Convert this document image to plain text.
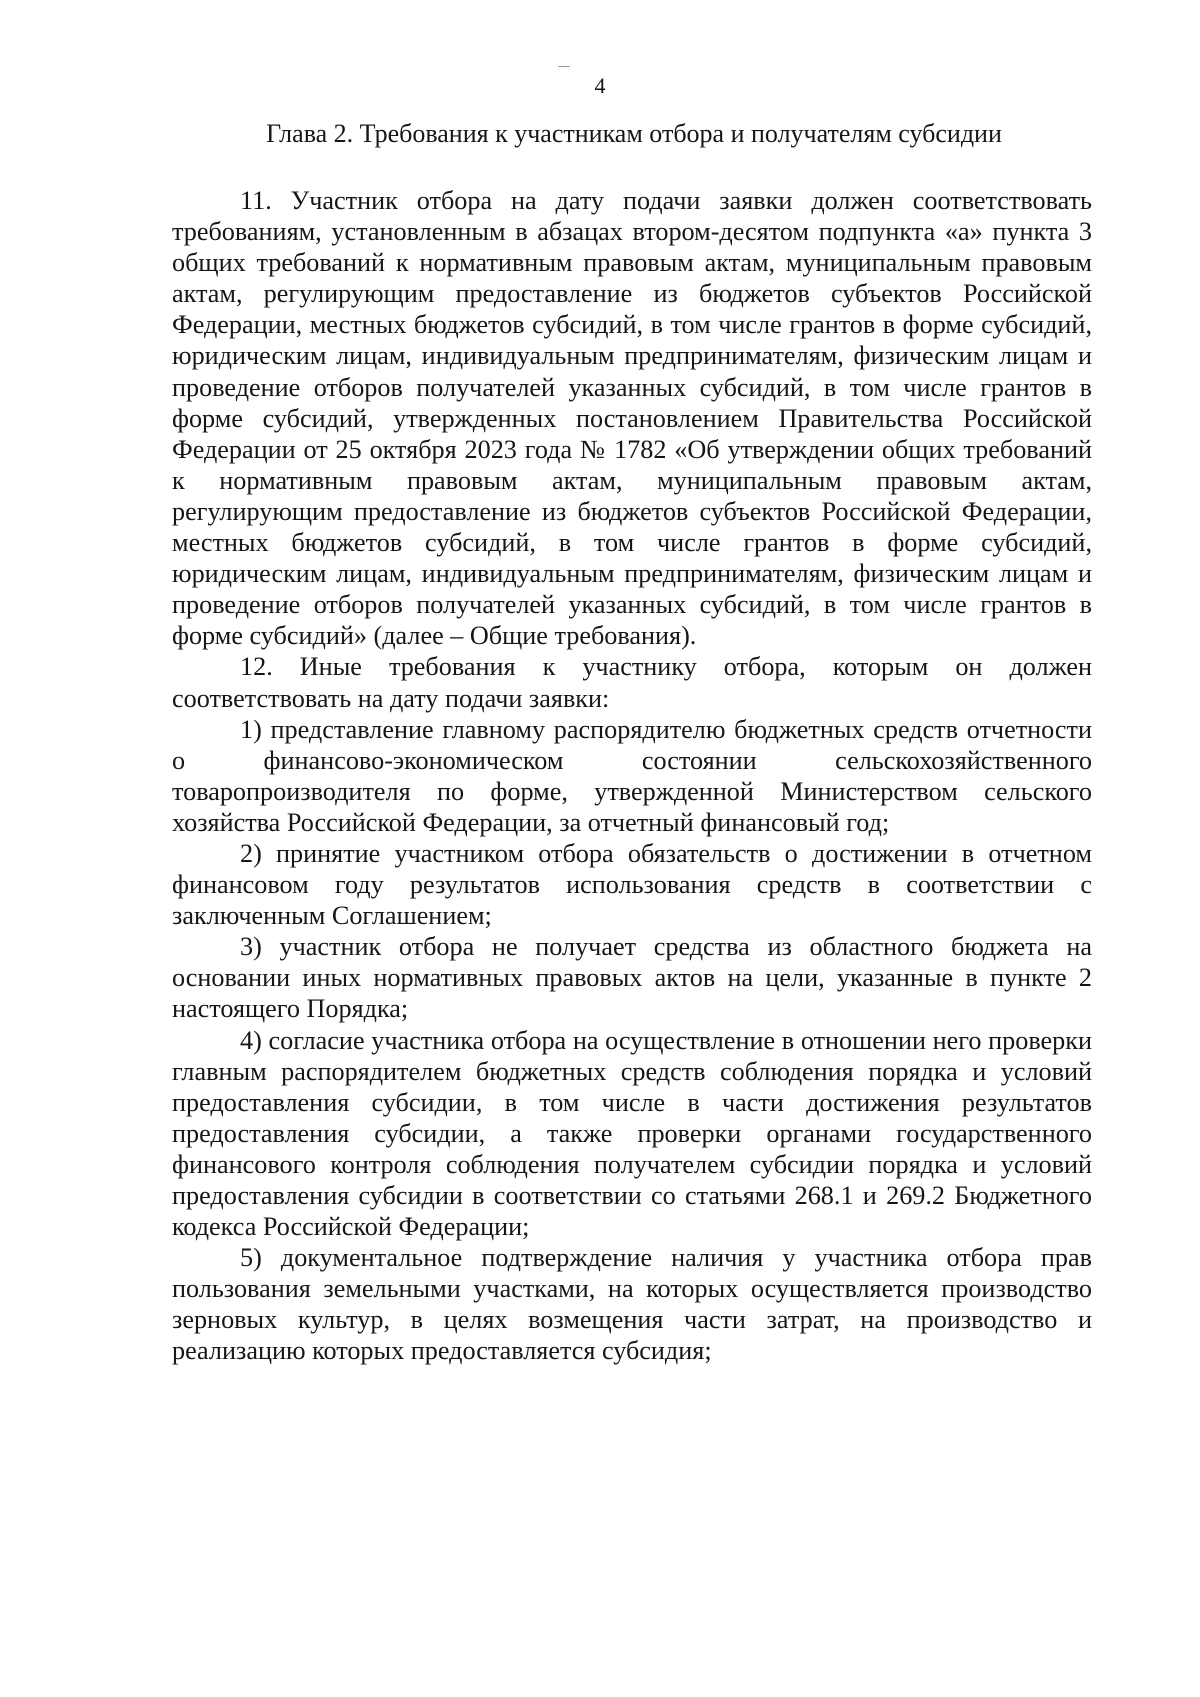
4
Глава 2. Требования к участникам отбора и получателям субсидии

11. Участник отбора на дату подачи заявки должен соответствовать требованиям, установленным в абзацах втором-десятом подпункта «а» пункта 3 общих требований к нормативным правовым актам, муниципальным правовым актам, регулирующим предоставление из бюджетов субъектов Российской Федерации, местных бюджетов субсидий, в том числе грантов в форме субсидий, юридическим лицам, индивидуальным предпринимателям, физическим лицам и проведение отборов получателей указанных субсидий, в том числе грантов в форме субсидий, утвержденных постановлением Правительства Российской Федерации от 25 октября 2023 года № 1782 «Об утверждении общих требований к нормативным правовым актам, муниципальным правовым актам, регулирующим предоставление из бюджетов субъектов Российской Федерации, местных бюджетов субсидий, в том числе грантов в форме субсидий, юридическим лицам, индивидуальным предпринимателям, физическим лицам и проведение отборов получателей указанных субсидий, в том числе грантов в форме субсидий» (далее – Общие требования).

12. Иные требования к участнику отбора, которым он должен соответствовать на дату подачи заявки:

1) представление главному распорядителю бюджетных средств отчетности о финансово-экономическом состоянии сельскохозяйственного товаропроизводителя по форме, утвержденной Министерством сельского хозяйства Российской Федерации, за отчетный финансовый год;

2) принятие участником отбора обязательств о достижении в отчетном финансовом году результатов использования средств в соответствии с заключенным Соглашением;

3) участник отбора не получает средства из областного бюджета на основании иных нормативных правовых актов на цели, указанные в пункте 2 настоящего Порядка;

4) согласие участника отбора на осуществление в отношении него проверки главным распорядителем бюджетных средств соблюдения порядка и условий предоставления субсидии, в том числе в части достижения результатов предоставления субсидии, а также проверки органами государственного финансового контроля соблюдения получателем субсидии порядка и условий предоставления субсидии в соответствии со статьями 268.1 и 269.2 Бюджетного кодекса Российской Федерации;

5) документальное подтверждение наличия у участника отбора прав пользования земельными участками, на которых осуществляется производство зерновых культур, в целях возмещения части затрат, на производство и реализацию которых предоставляется субсидия;
